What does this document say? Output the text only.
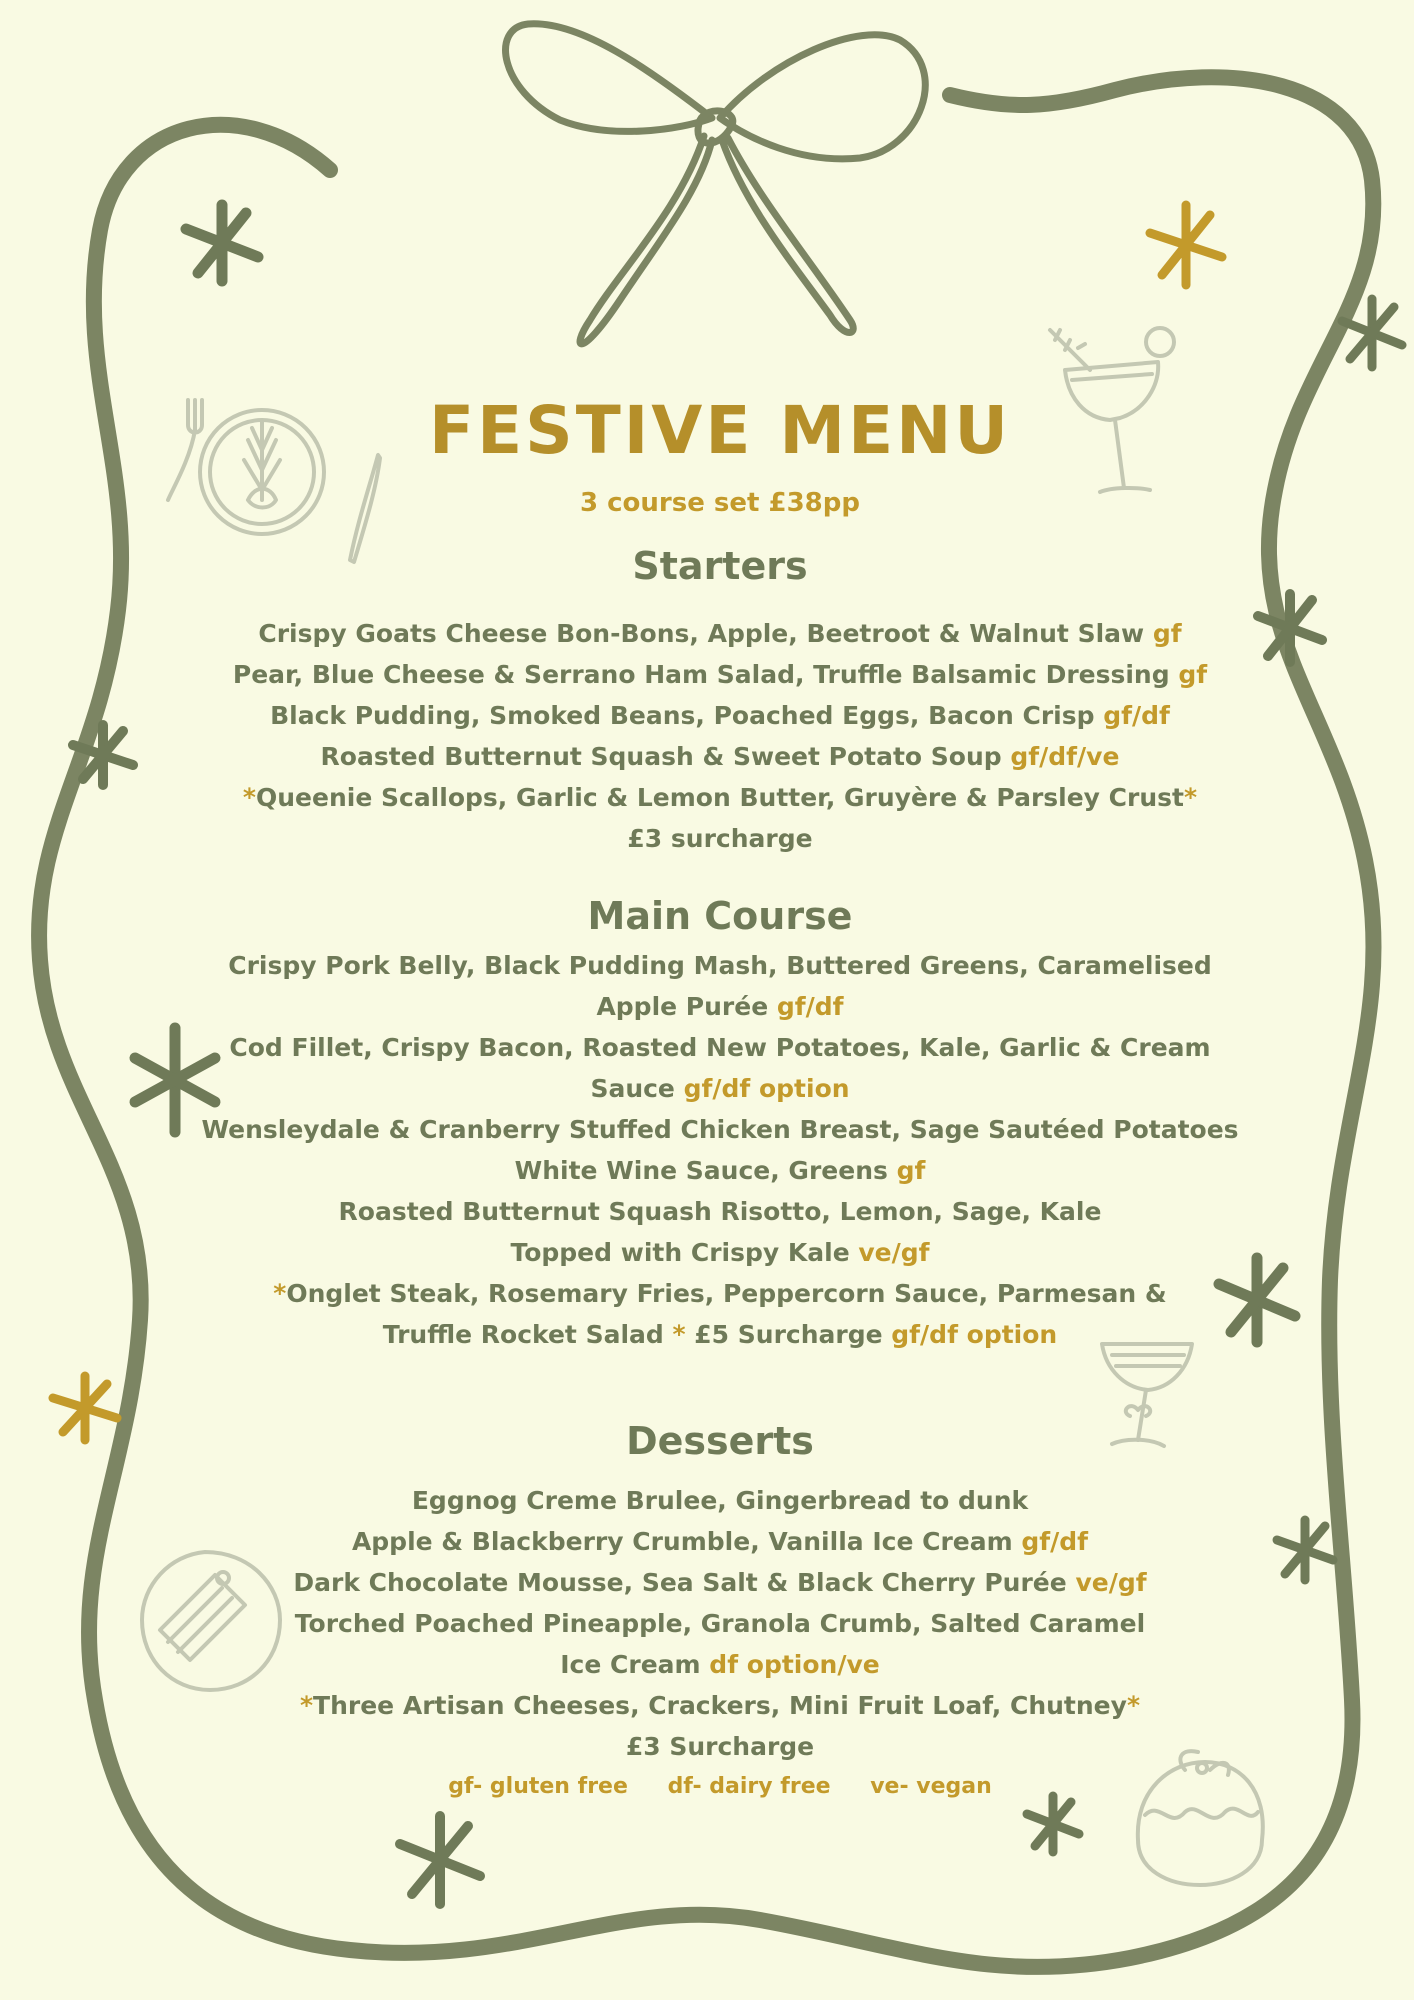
FESTIVE MENU
3 course set £38pp
Starters
Crispy Goats Cheese Bon-Bons, Apple, Beetroot & Walnut Slaw gf
Pear, Blue Cheese & Serrano Ham Salad, Truffle Balsamic Dressing gf
Black Pudding, Smoked Beans, Poached Eggs, Bacon Crisp gf/df
Roasted Butternut Squash & Sweet Potato Soup gf/df/ve
*Queenie Scallops, Garlic & Lemon Butter, Gruyère & Parsley Crust*
£3 surcharge
Main Course
Crispy Pork Belly, Black Pudding Mash, Buttered Greens, Caramelised
Apple Purée gf/df
Cod Fillet, Crispy Bacon, Roasted New Potatoes, Kale, Garlic & Cream
Sauce gf/df option
Wensleydale & Cranberry Stuffed Chicken Breast, Sage Sautéed Potatoes
White Wine Sauce, Greens gf
Roasted Butternut Squash Risotto, Lemon, Sage, Kale
Topped with Crispy Kale ve/gf
*Onglet Steak, Rosemary Fries, Peppercorn Sauce, Parmesan &
Truffle Rocket Salad * £5 Surcharge gf/df option
Desserts
Eggnog Creme Brulee, Gingerbread to dunk
Apple & Blackberry Crumble, Vanilla Ice Cream gf/df
Dark Chocolate Mousse, Sea Salt & Black Cherry Purée ve/gf
Torched Poached Pineapple, Granola Crumb, Salted Caramel
Ice Cream df option/ve
*Three Artisan Cheeses, Crackers, Mini Fruit Loaf, Chutney*
£3 Surcharge
gf- gluten free df- dairy free ve- vegan
